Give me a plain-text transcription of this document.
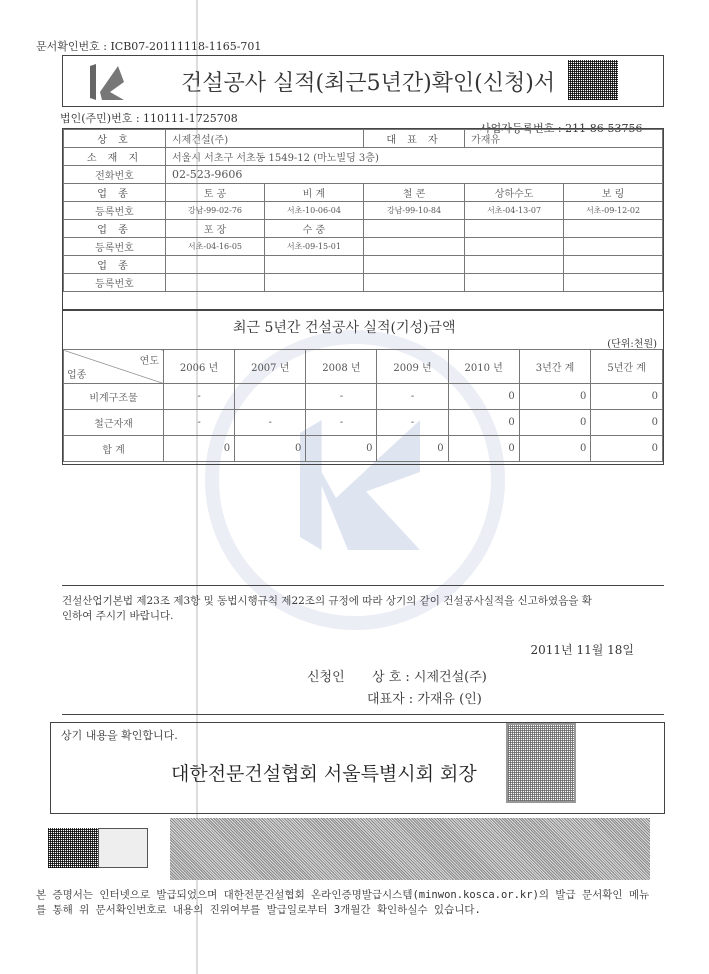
문서확인번호 : ICB07-20111118-1165-701
건설공사 실적(최근5년간)확인(신청)서
법인(주민)번호 : 110111-1725708
사업자등록번호 : 211-86-53756
상 호	시제건설(주)		대 표 자	가재유	
소 재 지	서울시 서초구 서초동 1549-12 (마노빌딩 3층)				
전화번호	02-523-9606				
업 종	토 공	비 계	철 콘	상하수도	보 링
등록번호	강남-99-02-76	서초-10-06-04	강남-99-10-84	서초-04-13-07	서초-09-12-02
업 종	포 장	수 중			
등록번호	서초-04-16-05	서초-09-15-01			
업 종					
등록번호					
최근 5년간 건설공사 실적(기성)금액
(단위:천원)
연도
업종	2006 년	2007 년	2008 년	2009 년	2010 년	3년간 계	5년간 계
비계구조물	-		-	-	0	0	0
철근자재	-	-	-	-	0	0	0
합 계	0	0	0	0	0	0	0
건설산업기본법 제23조 제3항 및 동법시행규칙 제22조의 규정에 따라 상기의 같이 건설공사실적을 신고하였음을 확인하여 주시기 바랍니다.
2011년 11월 18일
신청인 상 호 : 시제건설(주)
대표자 : 가재유 (인)
상기 내용을 확인합니다.
대한전문건설협회 서울특별시회 회장
본 증명서는 인터넷으로 발급되었으며 대한전문건설협회 온라인증명발급시스템(minwon.kosca.or.kr)의 발급 문서확인 메뉴를 통해 위 문서확인번호로 내용의 진위여부를 발급일로부터 3개월간 확인하실수 있습니다.
